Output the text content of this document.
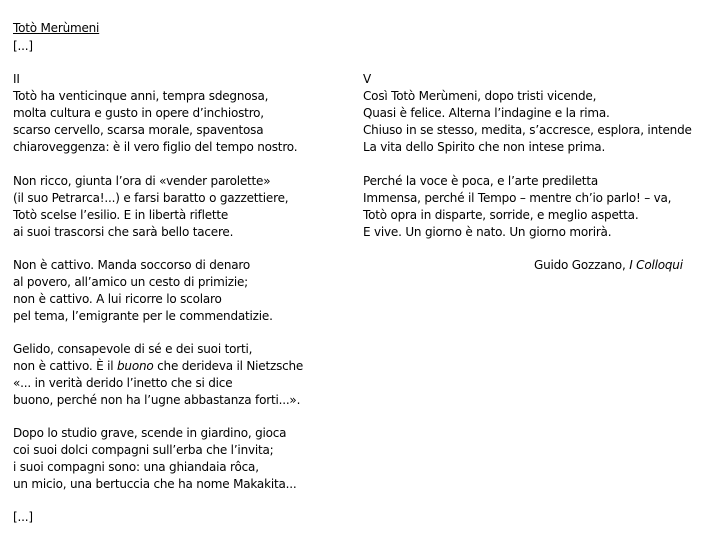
Totò Merùmeni
[...]
II
Totò ha venticinque anni, tempra sdegnosa,
molta cultura e gusto in opere d’inchiostro,
scarso cervello, scarsa morale, spaventosa
chiaroveggenza: è il vero figlio del tempo nostro.
Non ricco, giunta l’ora di «vender parolette»
(il suo Petrarca!...) e farsi baratto o gazzettiere,
Totò scelse l’esilio. E in libertà riflette
ai suoi trascorsi che sarà bello tacere.
Non è cattivo. Manda soccorso di denaro
al povero, all’amico un cesto di primizie;
non è cattivo. A lui ricorre lo scolaro
pel tema, l’emigrante per le commendatizie.
Gelido, consapevole di sé e dei suoi torti,
non è cattivo. È il buono che derideva il Nietzsche
«... in verità derido l’inetto che si dice
buono, perché non ha l’ugne abbastanza forti...».
Dopo lo studio grave, scende in giardino, gioca
coi suoi dolci compagni sull’erba che l’invita;
i suoi compagni sono: una ghiandaia rôca,
un micio, una bertuccia che ha nome Makakita...
[...]
V
Così Totò Merùmeni, dopo tristi vicende,
Quasi è felice. Alterna l’indagine e la rima.
Chiuso in se stesso, medita, s’accresce, esplora, intende
La vita dello Spirito che non intese prima.
Perché la voce è poca, e l’arte prediletta
Immensa, perché il Tempo – mentre ch’io parlo! – va,
Totò opra in disparte, sorride, e meglio aspetta.
E vive. Un giorno è nato. Un giorno morirà.
Guido Gozzano, I Colloqui
